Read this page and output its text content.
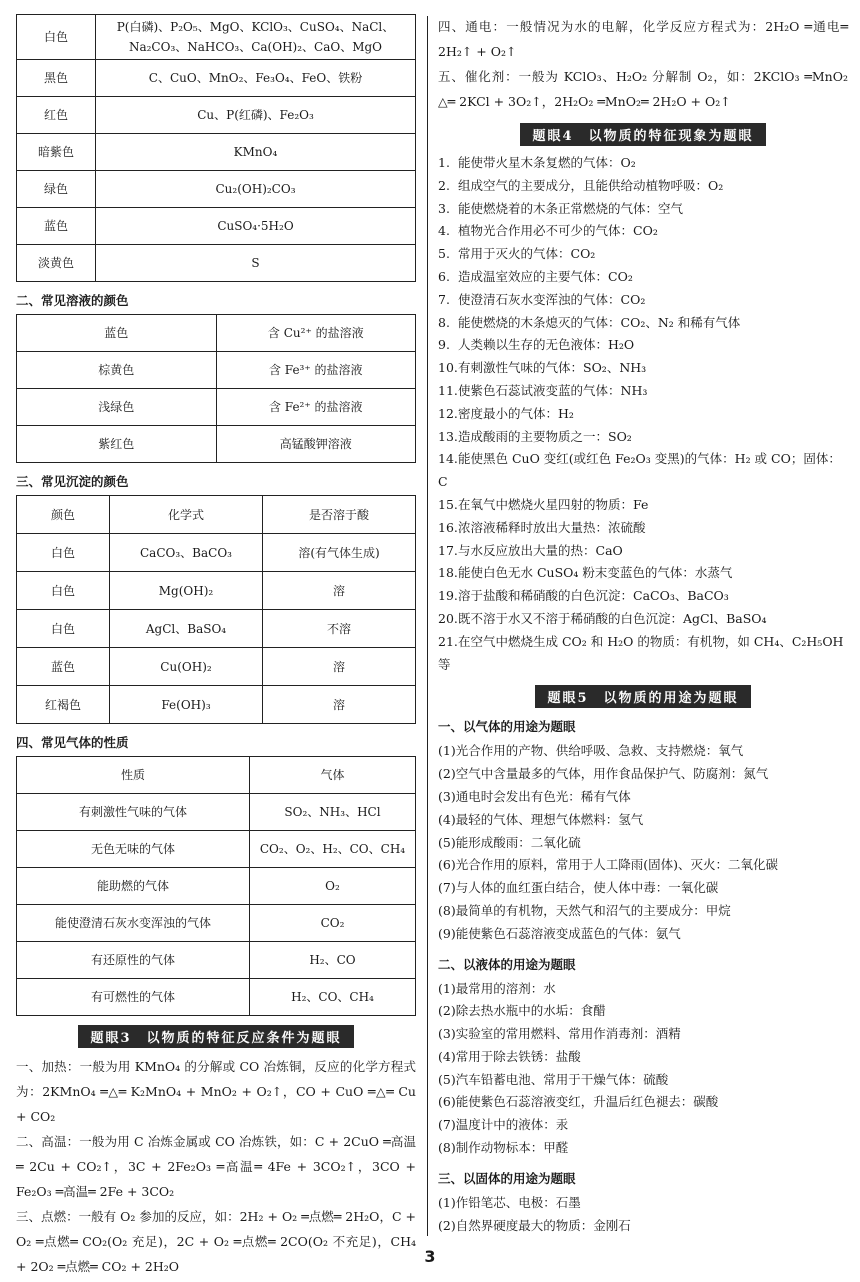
白色	P(白磷)、P₂O₅、MgO、KClO₃、CuSO₄、NaCl、Na₂CO₃、NaHCO₃、Ca(OH)₂、CaO、MgO
黑色	C、CuO、MnO₂、Fe₃O₄、FeO、铁粉
红色	Cu、P(红磷)、Fe₂O₃
暗紫色	KMnO₄
绿色	Cu₂(OH)₂CO₃
蓝色	CuSO₄·5H₂O
淡黄色	S
二、常见溶液的颜色
蓝色	含 Cu²⁺ 的盐溶液
棕黄色	含 Fe³⁺ 的盐溶液
浅绿色	含 Fe²⁺ 的盐溶液
紫红色	高锰酸钾溶液
三、常见沉淀的颜色
颜色	化学式	是否溶于酸
白色	CaCO₃、BaCO₃	溶(有气体生成)
白色	Mg(OH)₂	溶
白色	AgCl、BaSO₄	不溶
蓝色	Cu(OH)₂	溶
红褐色	Fe(OH)₃	溶
四、常见气体的性质
性质	气体
有刺激性气味的气体	SO₂、NH₃、HCl
无色无味的气体	CO₂、O₂、H₂、CO、CH₄
能助燃的气体	O₂
能使澄清石灰水变浑浊的气体	CO₂
有还原性的气体	H₂、CO
有可燃性的气体	H₂、CO、CH₄
题眼3　以物质的特征反应条件为题眼
一、加热：一般为用 KMnO₄ 的分解或 CO 冶炼铜，反应的化学方程式为：2KMnO₄ ═△═ K₂MnO₄ + MnO₂ + O₂↑，CO + CuO ═△═ Cu + CO₂
二、高温：一般为用 C 冶炼金属或 CO 冶炼铁，如：C + 2CuO ═高温═ 2Cu + CO₂↑，3C + 2Fe₂O₃ ═高温═ 4Fe + 3CO₂↑，3CO + Fe₂O₃ ═高温═ 2Fe + 3CO₂
三、点燃：一般有 O₂ 参加的反应，如：2H₂ + O₂ ═点燃═ 2H₂O，C + O₂ ═点燃═ CO₂(O₂ 充足)，2C + O₂ ═点燃═ 2CO(O₂ 不充足)，CH₄ + 2O₂ ═点燃═ CO₂ + 2H₂O
四、通电：一般情况为水的电解，化学反应方程式为：2H₂O ═通电═ 2H₂↑ + O₂↑
五、催化剂：一般为 KClO₃、H₂O₂ 分解制 O₂，如：2KClO₃ ═MnO₂ △═ 2KCl + 3O₂↑，2H₂O₂ ═MnO₂═ 2H₂O + O₂↑
题眼4　以物质的特征现象为题眼
1. 能使带火星木条复燃的气体：O₂
2. 组成空气的主要成分，且能供给动植物呼吸：O₂
3. 能使燃烧着的木条正常燃烧的气体：空气
4. 植物光合作用必不可少的气体：CO₂
5. 常用于灭火的气体：CO₂
6. 造成温室效应的主要气体：CO₂
7. 使澄清石灰水变浑浊的气体：CO₂
8. 能使燃烧的木条熄灭的气体：CO₂、N₂ 和稀有气体
9. 人类赖以生存的无色液体：H₂O
10.有刺激性气味的气体：SO₂、NH₃
11.使紫色石蕊试液变蓝的气体：NH₃
12.密度最小的气体：H₂
13.造成酸雨的主要物质之一：SO₂
14.能使黑色 CuO 变红(或红色 Fe₂O₃ 变黑)的气体：H₂ 或 CO；固体：C
15.在氧气中燃烧火星四射的物质：Fe
16.浓溶液稀释时放出大量热：浓硫酸
17.与水反应放出大量的热：CaO
18.能使白色无水 CuSO₄ 粉末变蓝色的气体：水蒸气
19.溶于盐酸和稀硝酸的白色沉淀：CaCO₃、BaCO₃
20.既不溶于水又不溶于稀硝酸的白色沉淀：AgCl、BaSO₄
21.在空气中燃烧生成 CO₂ 和 H₂O 的物质：有机物，如 CH₄、C₂H₅OH 等
题眼5　以物质的用途为题眼
一、以气体的用途为题眼
(1)光合作用的产物、供给呼吸、急救、支持燃烧：氧气
(2)空气中含量最多的气体，用作食品保护气、防腐剂：氮气
(3)通电时会发出有色光：稀有气体
(4)最轻的气体、理想气体燃料：氢气
(5)能形成酸雨：二氧化硫
(6)光合作用的原料，常用于人工降雨(固体)、灭火：二氧化碳
(7)与人体的血红蛋白结合，使人体中毒：一氧化碳
(8)最简单的有机物，天然气和沼气的主要成分：甲烷
(9)能使紫色石蕊溶液变成蓝色的气体：氨气
二、以液体的用途为题眼
(1)最常用的溶剂：水
(2)除去热水瓶中的水垢：食醋
(3)实验室的常用燃料、常用作消毒剂：酒精
(4)常用于除去铁锈：盐酸
(5)汽车铅蓄电池、常用于干燥气体：硫酸
(6)能使紫色石蕊溶液变红，升温后红色褪去：碳酸
(7)温度计中的液体：汞
(8)制作动物标本：甲醛
三、以固体的用途为题眼
(1)作铅笔芯、电极：石墨
(2)自然界硬度最大的物质：金刚石
3
